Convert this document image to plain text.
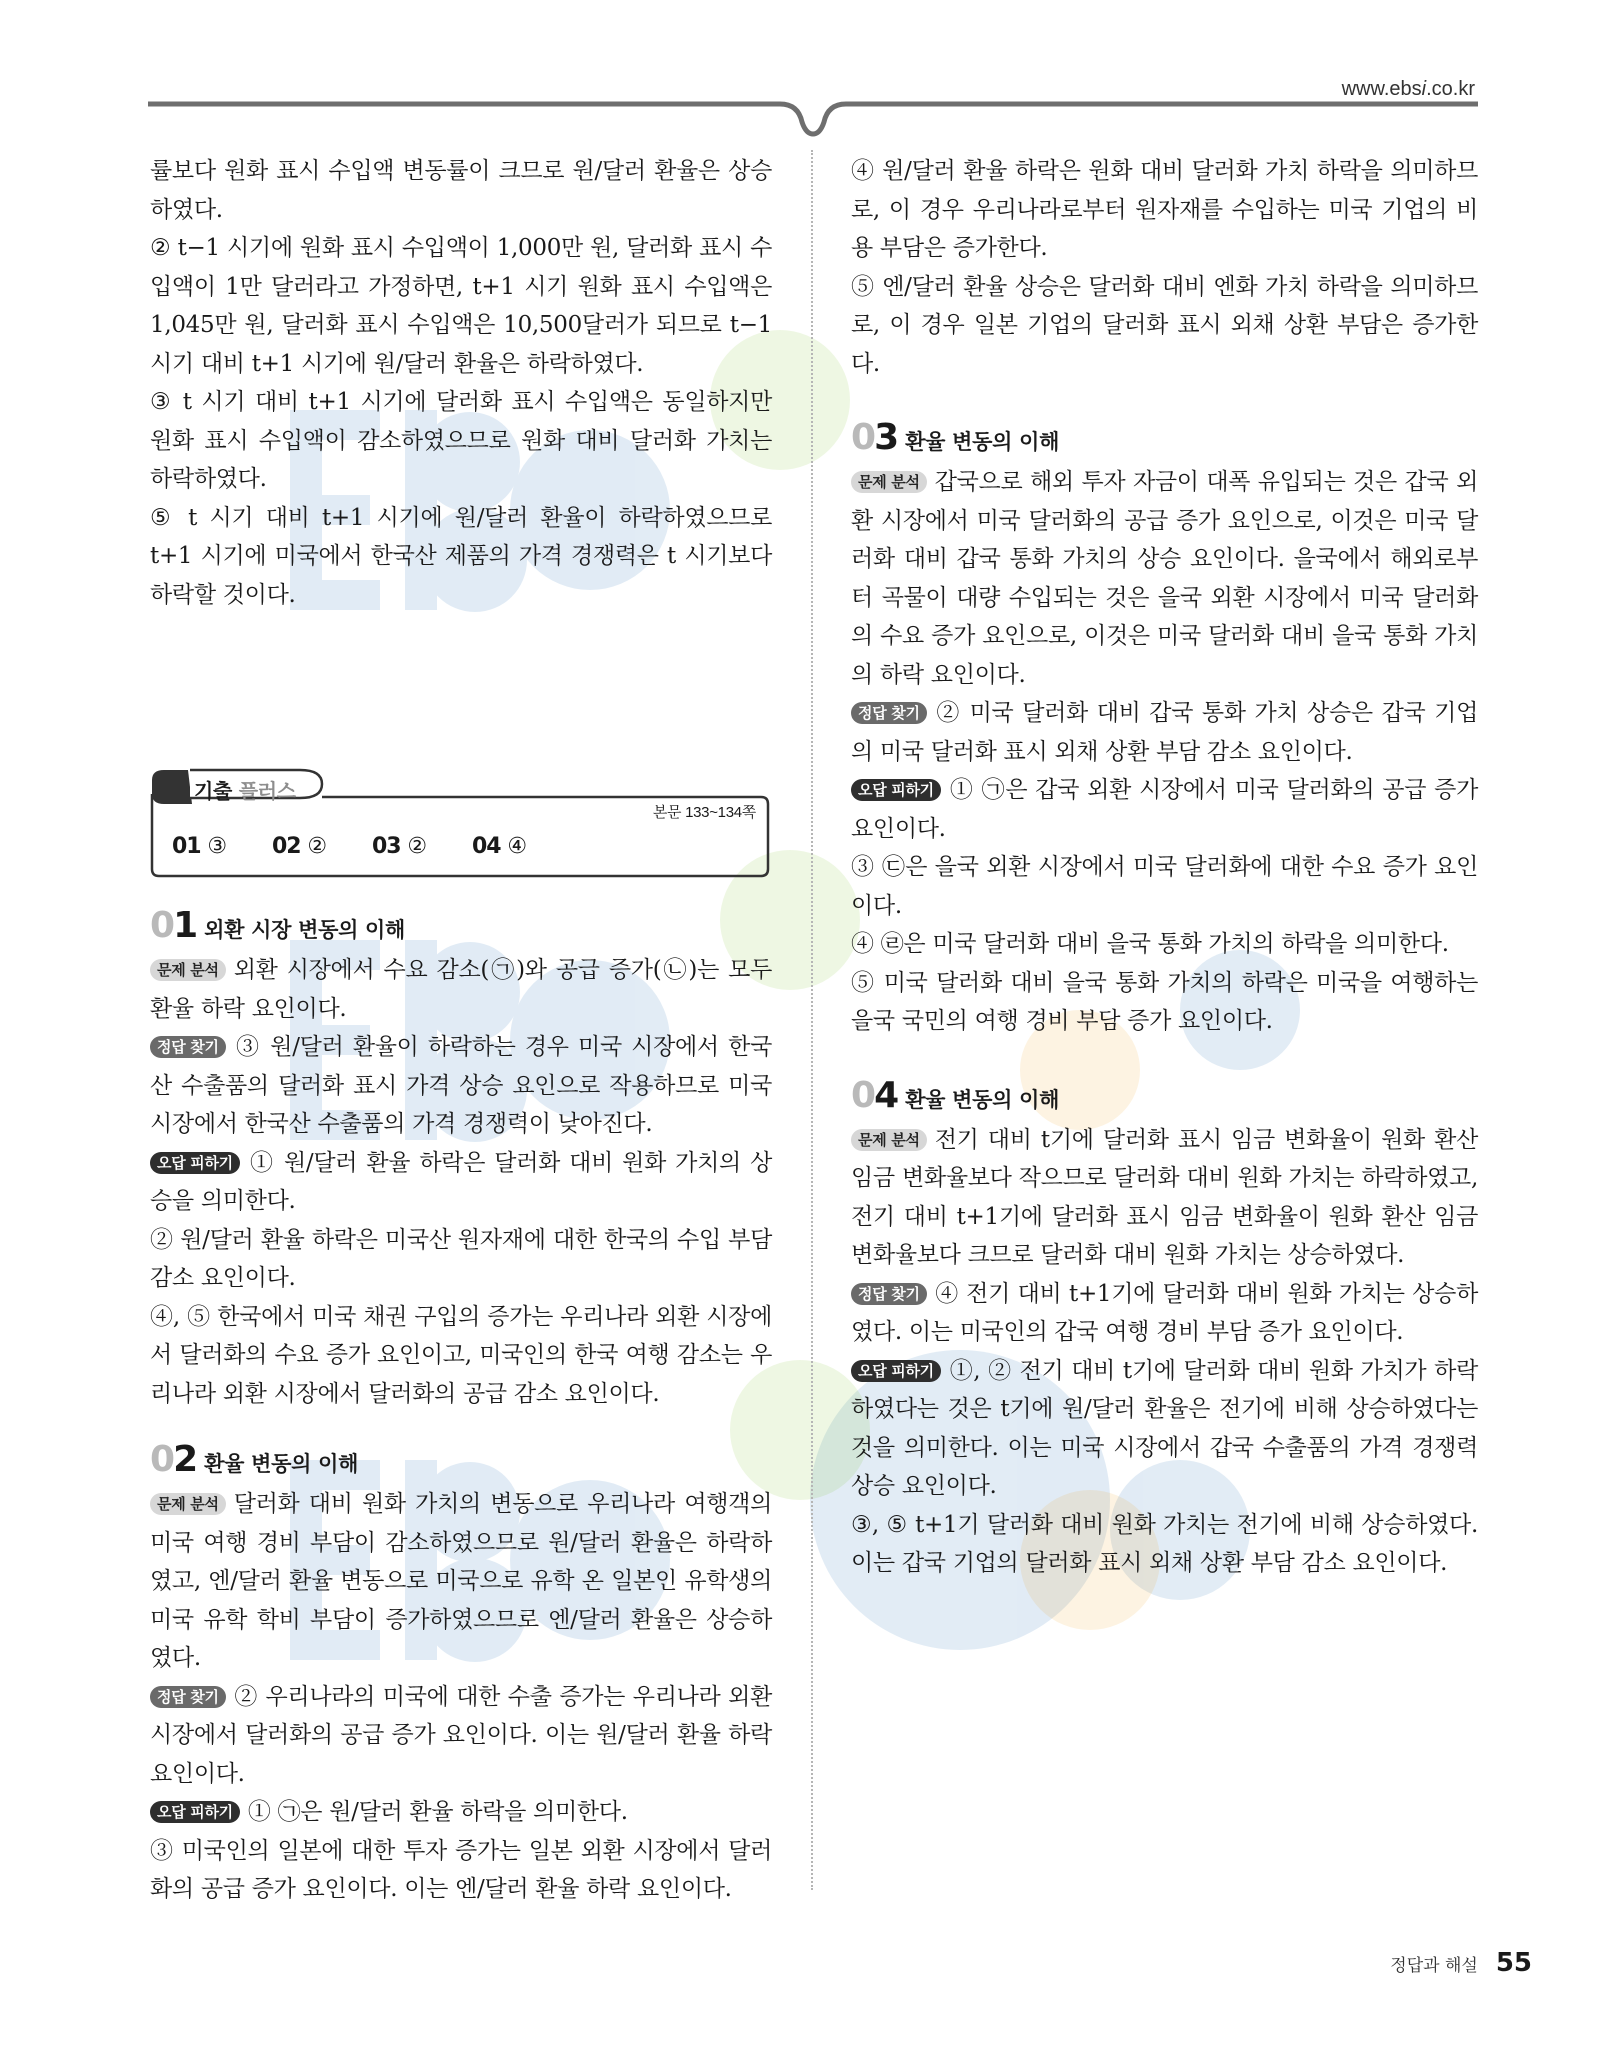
www.ebsi.co.kr

률보다 원화 표시 수입액 변동률이 크므로 원/달러 환율은 상승하였다.

② t−1 시기에 원화 표시 수입액이 1,000만 원, 달러화 표시 수입액이 1만 달러라고 가정하면, t+1 시기 원화 표시 수입액은 1,045만 원, 달러화 표시 수입액은 10,500달러가 되므로 t−1 시기 대비 t+1 시기에 원/달러 환율은 하락하였다.

③ t 시기 대비 t+1 시기에 달러화 표시 수입액은 동일하지만 원화 표시 수입액이 감소하였으므로 원화 대비 달러화 가치는 하락하였다.

⑤ t 시기 대비 t+1 시기에 원/달러 환율이 하락하였으므로 t+1 시기에 미국에서 한국산 제품의 가격 경쟁력은 t 시기보다 하락할 것이다.

기출 플러스
본문 133~134쪽
01 ③	02 ②	03 ②	04 ④
01 외환 시장 변동의 이해

문제 분석 외환 시장에서 수요 감소(㉠)와 공급 증가(㉡)는 모두 환율 하락 요인이다.

정답 찾기 ③ 원/달러 환율이 하락하는 경우 미국 시장에서 한국산 수출품의 달러화 표시 가격 상승 요인으로 작용하므로 미국 시장에서 한국산 수출품의 가격 경쟁력이 낮아진다.

오답 피하기 ① 원/달러 환율 하락은 달러화 대비 원화 가치의 상승을 의미한다.

② 원/달러 환율 하락은 미국산 원자재에 대한 한국의 수입 부담 감소 요인이다.

④, ⑤ 한국에서 미국 채권 구입의 증가는 우리나라 외환 시장에서 달러화의 수요 증가 요인이고, 미국인의 한국 여행 감소는 우리나라 외환 시장에서 달러화의 공급 감소 요인이다.

02 환율 변동의 이해

문제 분석 달러화 대비 원화 가치의 변동으로 우리나라 여행객의 미국 여행 경비 부담이 감소하였으므로 원/달러 환율은 하락하였고, 엔/달러 환율 변동으로 미국으로 유학 온 일본인 유학생의 미국 유학 학비 부담이 증가하였으므로 엔/달러 환율은 상승하였다.

정답 찾기 ② 우리나라의 미국에 대한 수출 증가는 우리나라 외환 시장에서 달러화의 공급 증가 요인이다. 이는 원/달러 환율 하락 요인이다.

오답 피하기 ① ㉠은 원/달러 환율 하락을 의미한다.

③ 미국인의 일본에 대한 투자 증가는 일본 외환 시장에서 달러화의 공급 증가 요인이다. 이는 엔/달러 환율 하락 요인이다.

④ 원/달러 환율 하락은 원화 대비 달러화 가치 하락을 의미하므로, 이 경우 우리나라로부터 원자재를 수입하는 미국 기업의 비용 부담은 증가한다.

⑤ 엔/달러 환율 상승은 달러화 대비 엔화 가치 하락을 의미하므로, 이 경우 일본 기업의 달러화 표시 외채 상환 부담은 증가한다.

03 환율 변동의 이해

문제 분석 갑국으로 해외 투자 자금이 대폭 유입되는 것은 갑국 외환 시장에서 미국 달러화의 공급 증가 요인으로, 이것은 미국 달러화 대비 갑국 통화 가치의 상승 요인이다. 을국에서 해외로부터 곡물이 대량 수입되는 것은 을국 외환 시장에서 미국 달러화의 수요 증가 요인으로, 이것은 미국 달러화 대비 을국 통화 가치의 하락 요인이다.

정답 찾기 ② 미국 달러화 대비 갑국 통화 가치 상승은 갑국 기업의 미국 달러화 표시 외채 상환 부담 감소 요인이다.

오답 피하기 ① ㉠은 갑국 외환 시장에서 미국 달러화의 공급 증가 요인이다.

③ ㉢은 을국 외환 시장에서 미국 달러화에 대한 수요 증가 요인이다.

④ ㉣은 미국 달러화 대비 을국 통화 가치의 하락을 의미한다.

⑤ 미국 달러화 대비 을국 통화 가치의 하락은 미국을 여행하는 을국 국민의 여행 경비 부담 증가 요인이다.

04 환율 변동의 이해

문제 분석 전기 대비 t기에 달러화 표시 임금 변화율이 원화 환산 임금 변화율보다 작으므로 달러화 대비 원화 가치는 하락하였고, 전기 대비 t+1기에 달러화 표시 임금 변화율이 원화 환산 임금 변화율보다 크므로 달러화 대비 원화 가치는 상승하였다.

정답 찾기 ④ 전기 대비 t+1기에 달러화 대비 원화 가치는 상승하였다. 이는 미국인의 갑국 여행 경비 부담 증가 요인이다.

오답 피하기 ①, ② 전기 대비 t기에 달러화 대비 원화 가치가 하락하였다는 것은 t기에 원/달러 환율은 전기에 비해 상승하였다는 것을 의미한다. 이는 미국 시장에서 갑국 수출품의 가격 경쟁력 상승 요인이다.

③, ⑤ t+1기 달러화 대비 원화 가치는 전기에 비해 상승하였다. 이는 갑국 기업의 달러화 표시 외채 상환 부담 감소 요인이다.

정답과 해설 55
